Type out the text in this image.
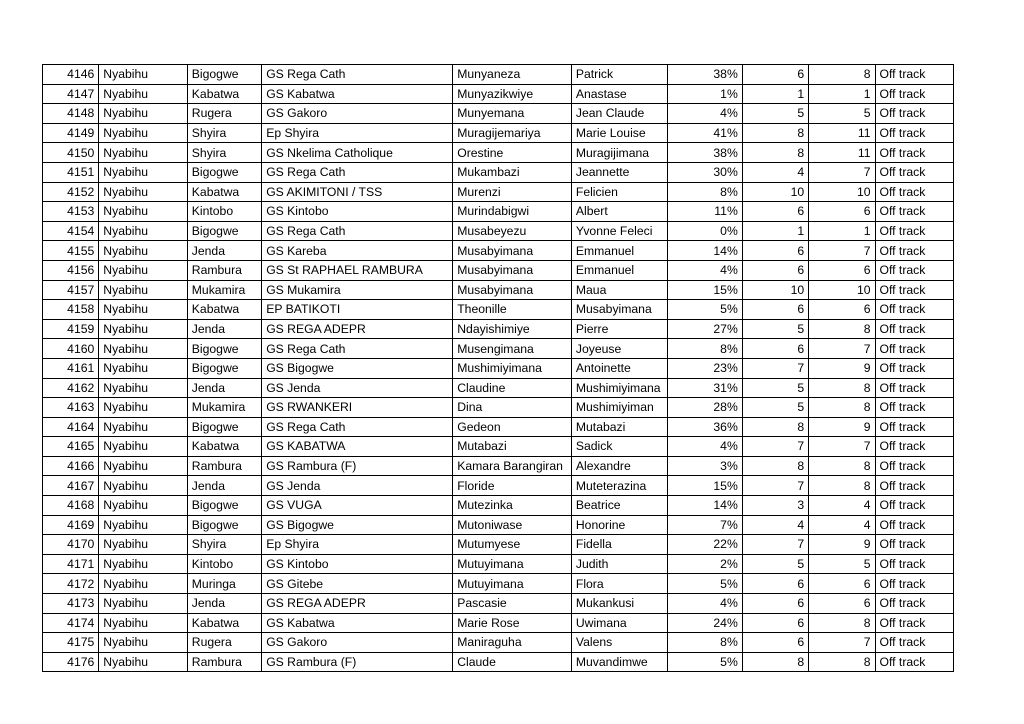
4146	Nyabihu	Bigogwe	GS Rega Cath	Munyaneza	Patrick	38%	6	8	Off track
4147	Nyabihu	Kabatwa	GS Kabatwa	Munyazikwiye	Anastase	1%	1	1	Off track
4148	Nyabihu	Rugera	GS Gakoro	Munyemana	Jean Claude	4%	5	5	Off track
4149	Nyabihu	Shyira	Ep Shyira	Muragijemariya	Marie Louise	41%	8	11	Off track
4150	Nyabihu	Shyira	GS Nkelima Catholique	Orestine	Muragijimana	38%	8	11	Off track
4151	Nyabihu	Bigogwe	GS Rega Cath	Mukambazi	Jeannette	30%	4	7	Off track
4152	Nyabihu	Kabatwa	GS AKIMITONI / TSS	Murenzi	Felicien	8%	10	10	Off track
4153	Nyabihu	Kintobo	GS Kintobo	Murindabigwi	Albert	11%	6	6	Off track
4154	Nyabihu	Bigogwe	GS Rega Cath	Musabeyezu	Yvonne Feleci	0%	1	1	Off track
4155	Nyabihu	Jenda	GS Kareba	Musabyimana	Emmanuel	14%	6	7	Off track
4156	Nyabihu	Rambura	GS St RAPHAEL RAMBURA	Musabyimana	Emmanuel	4%	6	6	Off track
4157	Nyabihu	Mukamira	GS Mukamira	Musabyimana	Maua	15%	10	10	Off track
4158	Nyabihu	Kabatwa	EP BATIKOTI	Theonille	Musabyimana	5%	6	6	Off track
4159	Nyabihu	Jenda	GS REGA ADEPR	Ndayishimiye	Pierre	27%	5	8	Off track
4160	Nyabihu	Bigogwe	GS Rega Cath	Musengimana	Joyeuse	8%	6	7	Off track
4161	Nyabihu	Bigogwe	GS Bigogwe	Mushimiyimana	Antoinette	23%	7	9	Off track
4162	Nyabihu	Jenda	GS Jenda	Claudine	Mushimiyimana	31%	5	8	Off track
4163	Nyabihu	Mukamira	GS RWANKERI	Dina	Mushimiyiman	28%	5	8	Off track
4164	Nyabihu	Bigogwe	GS Rega Cath	Gedeon	Mutabazi	36%	8	9	Off track
4165	Nyabihu	Kabatwa	GS KABATWA	Mutabazi	Sadick	4%	7	7	Off track
4166	Nyabihu	Rambura	GS Rambura (F)	Kamara Barangiran	Alexandre	3%	8	8	Off track
4167	Nyabihu	Jenda	GS Jenda	Floride	Muteterazina	15%	7	8	Off track
4168	Nyabihu	Bigogwe	GS VUGA	Mutezinka	Beatrice	14%	3	4	Off track
4169	Nyabihu	Bigogwe	GS Bigogwe	Mutoniwase	Honorine	7%	4	4	Off track
4170	Nyabihu	Shyira	Ep Shyira	Mutumyese	Fidella	22%	7	9	Off track
4171	Nyabihu	Kintobo	GS Kintobo	Mutuyimana	Judith	2%	5	5	Off track
4172	Nyabihu	Muringa	GS Gitebe	Mutuyimana	Flora	5%	6	6	Off track
4173	Nyabihu	Jenda	GS REGA ADEPR	Pascasie	Mukankusi	4%	6	6	Off track
4174	Nyabihu	Kabatwa	GS Kabatwa	Marie Rose	Uwimana	24%	6	8	Off track
4175	Nyabihu	Rugera	GS Gakoro	Maniraguha	Valens	8%	6	7	Off track
4176	Nyabihu	Rambura	GS Rambura (F)	Claude	Muvandimwe	5%	8	8	Off track
